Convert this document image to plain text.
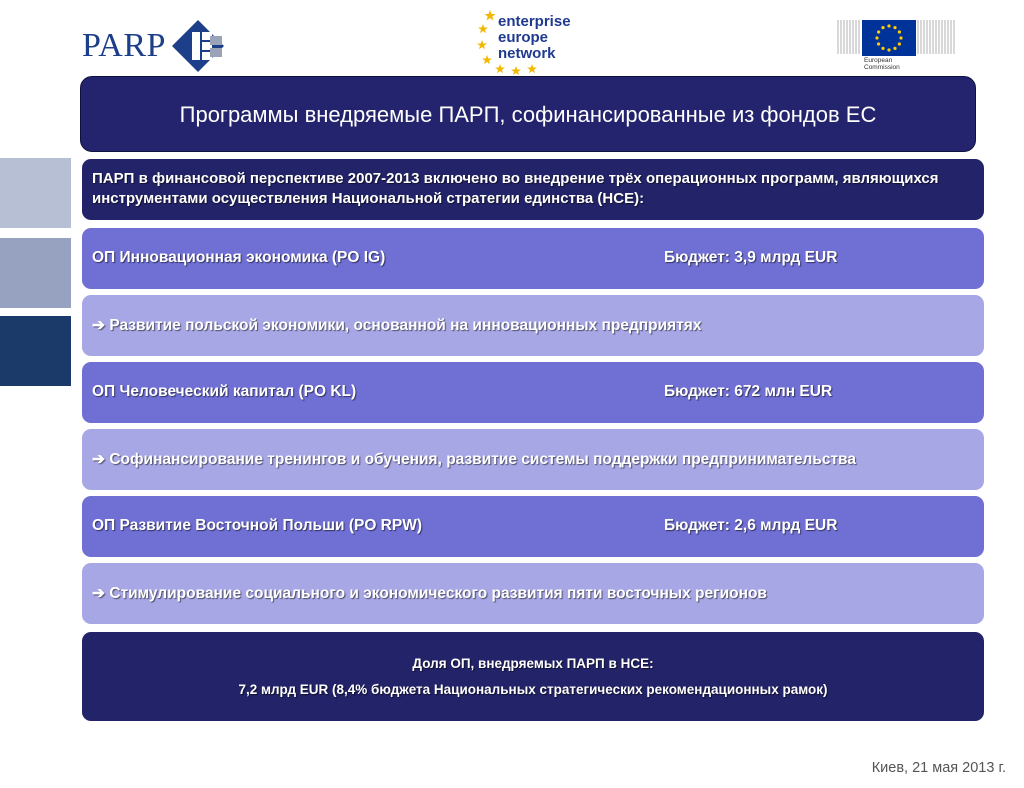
PARP
enterprise
europe
network	European
Commission
Программы внедряемые ПАРП, софинансированные из фондов ЕС
ПАРП в финансовой перспективе 2007-2013 включено во внедрение трёх операционных программ, являющихся инструментами осуществления Национальной стратегии единства (НСЕ):
ОП Инновационная экономика (PO IG)	Бюджет: 3,9 млрд EUR
➔ Развитие польской экономики, основанной на инновационных предприятях
ОП Человеческий капитал (PO KL)	Бюджет: 672 млн EUR
➔ Софинансирование тренингов и обучения, развитие системы поддержки предпринимательства
ОП Развитие Восточной Польши (PO RPW)	Бюджет: 2,6 млрд EUR
➔ Стимулирование социального и экономического развития пяти восточных регионов
Доля ОП, внедряемых ПАРП в НСЕ:
7,2 млрд EUR (8,4% бюджета Национальных стратегических рекомендационных рамок)
Киев, 21 мая 2013 г.
